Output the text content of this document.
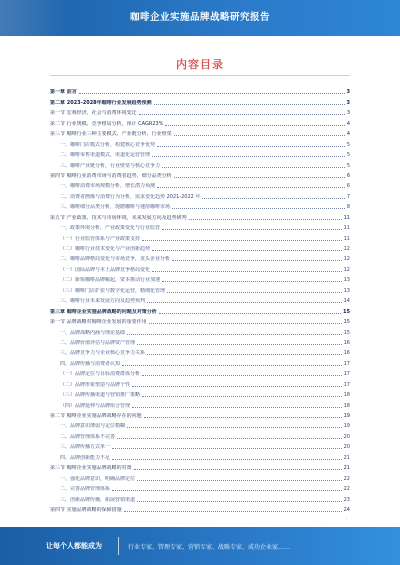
咖啡企业实施品牌战略研究报告
内容目录
第一章 前言	3
第二章 2023-2028年咖啡行业发展趋势预测	3
第一节 宏观经济、社会与消费环境变迁	3
第二节 行业规模、竞争格局分析，预计 CAGR23%	4
第三节 咖啡行业三种主要模式、产业链分析、行业壁垒	4
一、咖啡门店模式分析，构建核心竞争优势	5
二、咖啡零售渠道模式，渠道化运营管理	5
三、咖啡产业链分析，行业壁垒与核心竞争力	5
第四节 咖啡行业消费市场与消费者趋势，细分品类分析	6
一、咖啡消费市场规模分析，增长潜力预测	6
二、消费者画像与消费行为分析，需求变化趋势 2021-2022 年	7
三、咖啡细分品类分析，现磨咖啡与速溶咖啡市场	8
第五节 产业政策、技术与市场环境，未来发展方向及趋势研判	11
一、政策环境分析，产业政策变化与行业监管	11
（一）行业监管体系与产业政策支持	11
（二）咖啡行业技术变化与产业创新趋势	12
二、咖啡品牌格局变化与市场竞争，龙头企业分析	12
（一）国际品牌与本土品牌竞争格局变化	12
（二）新锐咖啡品牌崛起，资本推动行业加速	13
（三）咖啡门店扩张与数字化运营，精细化管理	13
三、咖啡行业未来发展方向及趋势预判	14
第三章 咖啡企业实施品牌战略的问题及对策分析	15
第一节 品牌战略对咖啡企业发展的重要作用	15
一、品牌战略内涵与理论基础	15
二、品牌价值评估与品牌资产管理	16
三、品牌竞争力与企业核心竞争力关系	16
四、品牌传播与消费者认知	17
（一）品牌定位与目标消费群体分析	17
（二）品牌形象塑造与品牌个性	17
（三）品牌传播渠道与营销推广策略	18
（四）品牌延伸与品牌组合管理	18
第二节 咖啡企业实施品牌战略存在的问题	19
一、品牌意识薄弱与定位模糊	19
二、品牌管理体系不完善	20
三、品牌传播方式单一	20
四、品牌创新能力不足	21
第三节 咖啡企业实施品牌战略的对策	21
一、强化品牌意识，明确品牌定位	22
二、完善品牌管理体系	22
三、创新品牌传播，拓展营销渠道	23
第四节 实施品牌战略的保障措施	24
·
让每个人都能成为	行业专家、管理专家、营销专家、战略专家、成功企业家……
